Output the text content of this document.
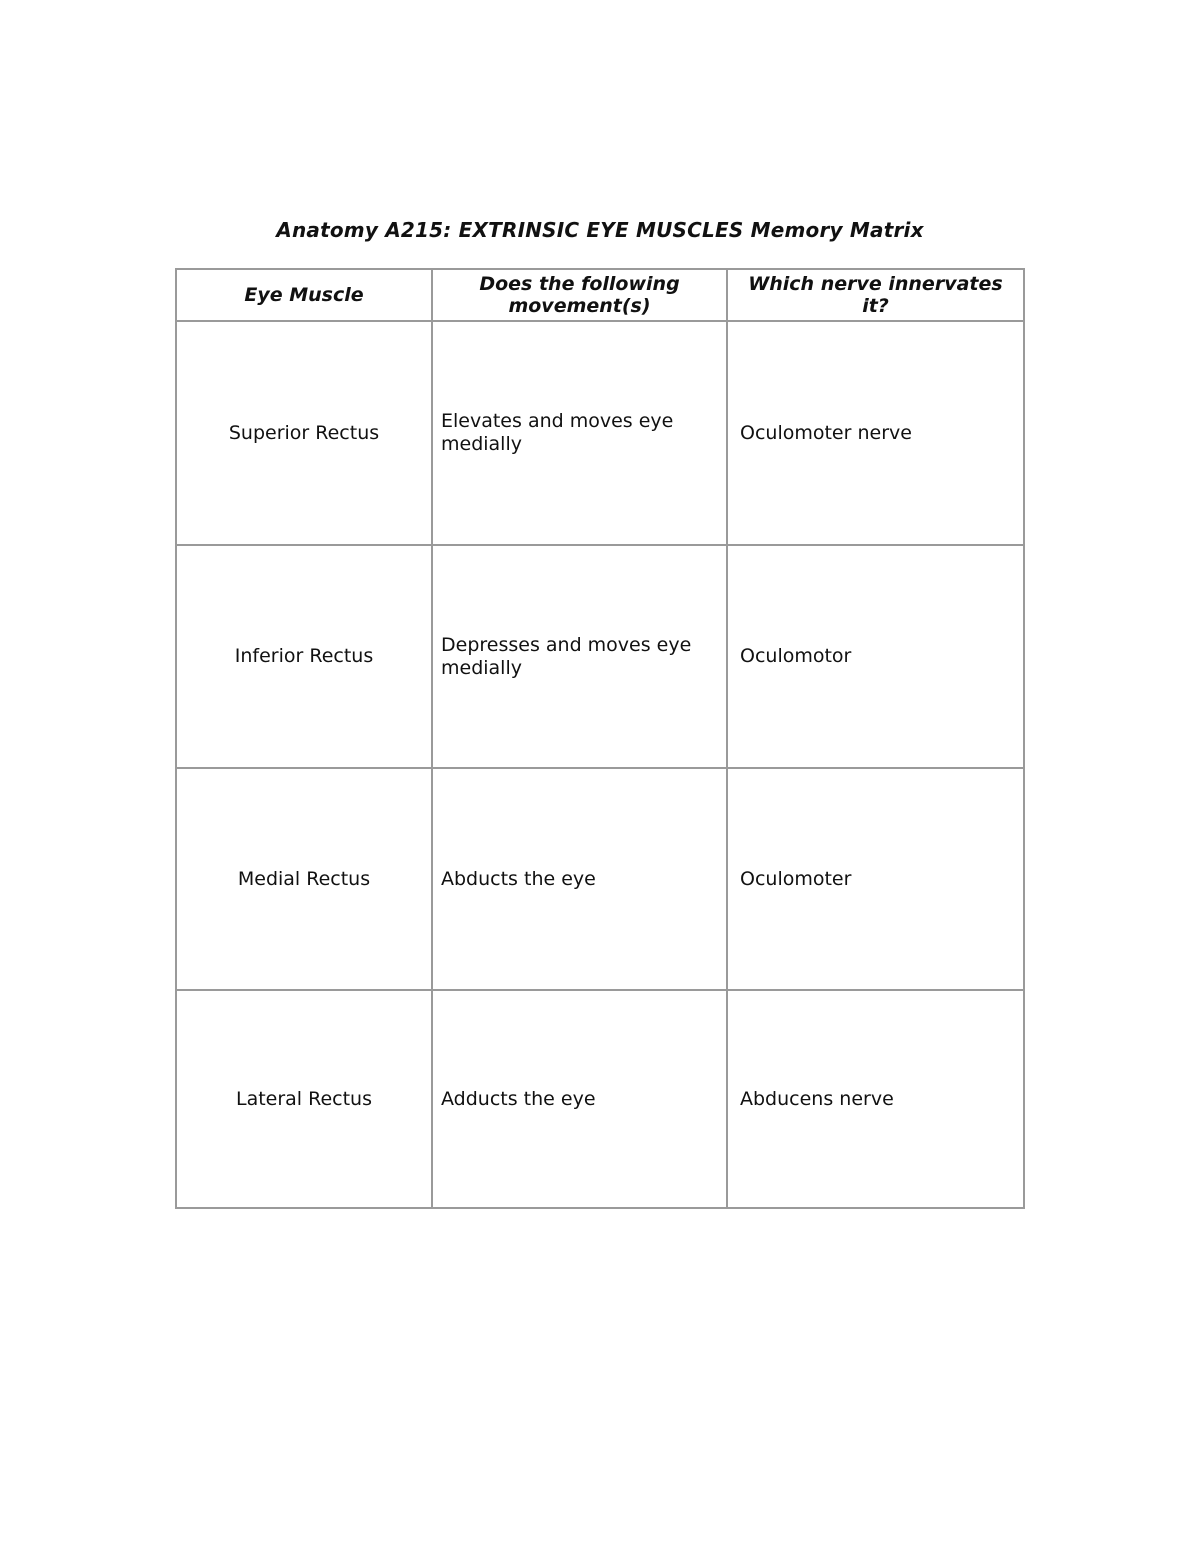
Anatomy A215: EXTRINSIC EYE MUSCLES Memory Matrix
Eye Muscle	Does the following movement(s)	Which nerve innervates it?
Superior Rectus	Elevates and moves eye medially	Oculomoter nerve
Inferior Rectus	Depresses and moves eye medially	Oculomotor
Medial Rectus	Abducts the eye	Oculomoter
Lateral Rectus	Adducts the eye	Abducens nerve
